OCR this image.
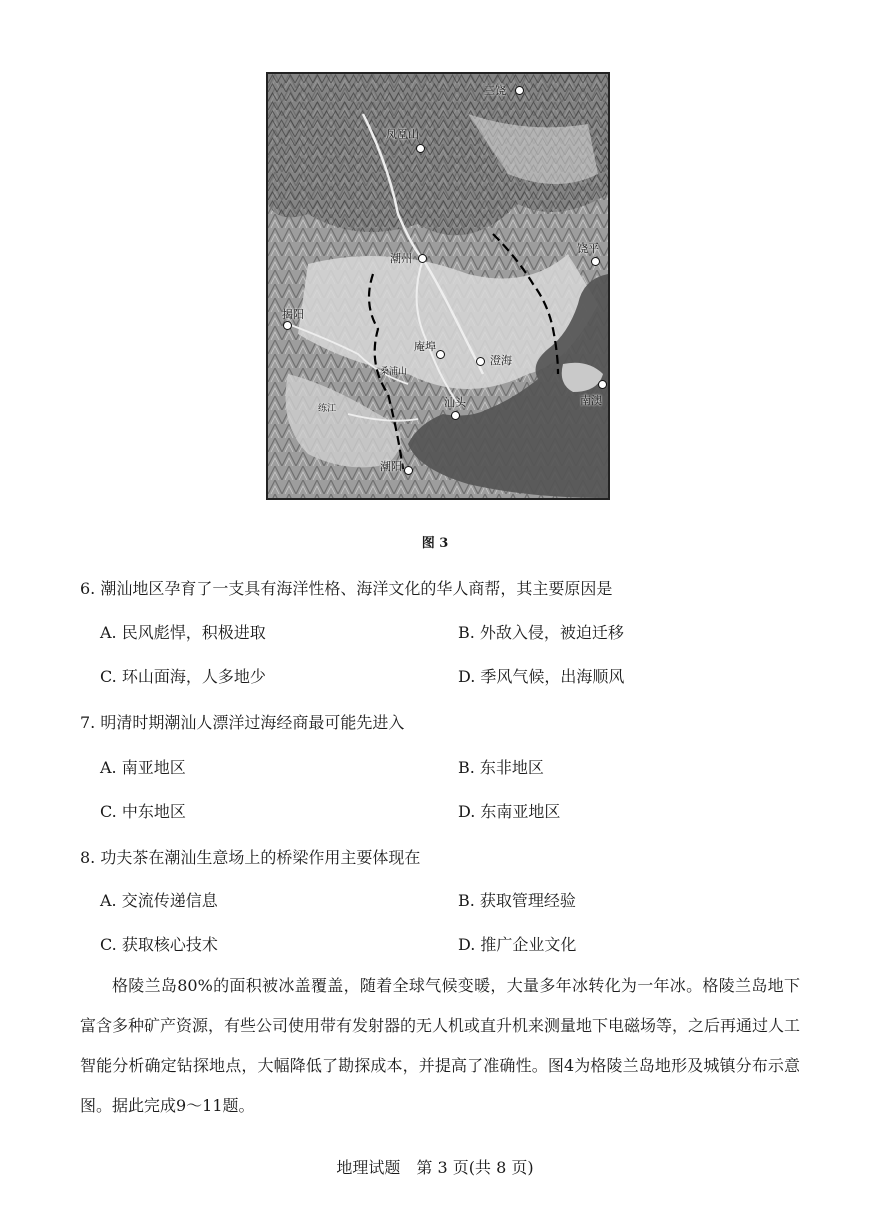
三饶
凤凰山
潮州
揭阳
饶平
庵埠
澄海
汕头	南澳
潮阳
桑浦山
练江
图 3
6. 潮汕地区孕育了一支具有海洋性格、海洋文化的华人商帮，其主要原因是
A. 民风彪悍，积极进取	B. 外敌入侵，被迫迁移
C. 环山面海，人多地少	D. 季风气候，出海顺风
7. 明清时期潮汕人漂洋过海经商最可能先进入
A. 南亚地区	B. 东非地区
C. 中东地区	D. 东南亚地区
8. 功夫茶在潮汕生意场上的桥梁作用主要体现在
A. 交流传递信息	B. 获取管理经验
C. 获取核心技术	D. 推广企业文化
格陵兰岛80%的面积被冰盖覆盖，随着全球气候变暖，大量多年冰转化为一年冰。格陵兰岛地下富含多种矿产资源，有些公司使用带有发射器的无人机或直升机来测量地下电磁场等，之后再通过人工智能分析确定钻探地点，大幅降低了勘探成本，并提高了准确性。图4为格陵兰岛地形及城镇分布示意图。据此完成9～11题。
地理试题　第 3 页(共 8 页)
